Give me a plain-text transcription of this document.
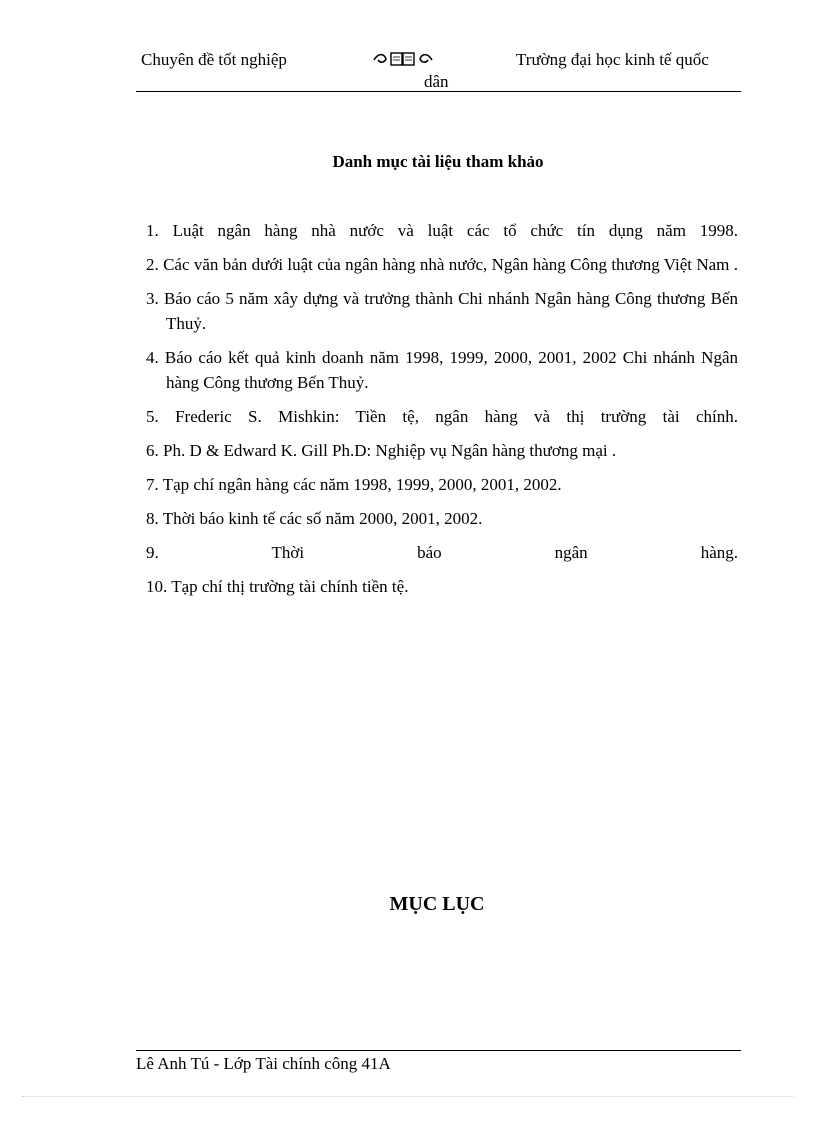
Chuyên đề tốt nghiệp	Trường đại học kinh tế quốc
dân
Danh mục tài liệu tham khảo
1. Luật ngân hàng nhà nước và luật các tổ chức tín dụng năm 1998.
2. Các văn bản dưới luật của ngân hàng nhà nước, Ngân hàng Công thương Việt Nam .
3. Báo cáo 5 năm xây dựng và trưởng thành Chi nhánh Ngân hàng Công thương Bến Thuỷ.
4. Báo cáo kết quả kinh doanh năm 1998, 1999, 2000, 2001, 2002 Chi nhánh Ngân hàng Công thương Bến Thuỷ.
5. Frederic S. Mishkin: Tiền tệ, ngân hàng và thị trường tài chính.
6. Ph. D & Edward K. Gill Ph.D: Nghiệp vụ Ngân hàng thương mại .
7. Tạp chí ngân hàng các năm 1998, 1999, 2000, 2001, 2002.
8. Thời báo kinh tế các số năm 2000, 2001, 2002.
9. Thời báo ngân hàng.
10. Tạp chí thị trường tài chính tiền tệ.
MỤC LỤC
Lê Anh Tú - Lớp Tài chính công 41A
